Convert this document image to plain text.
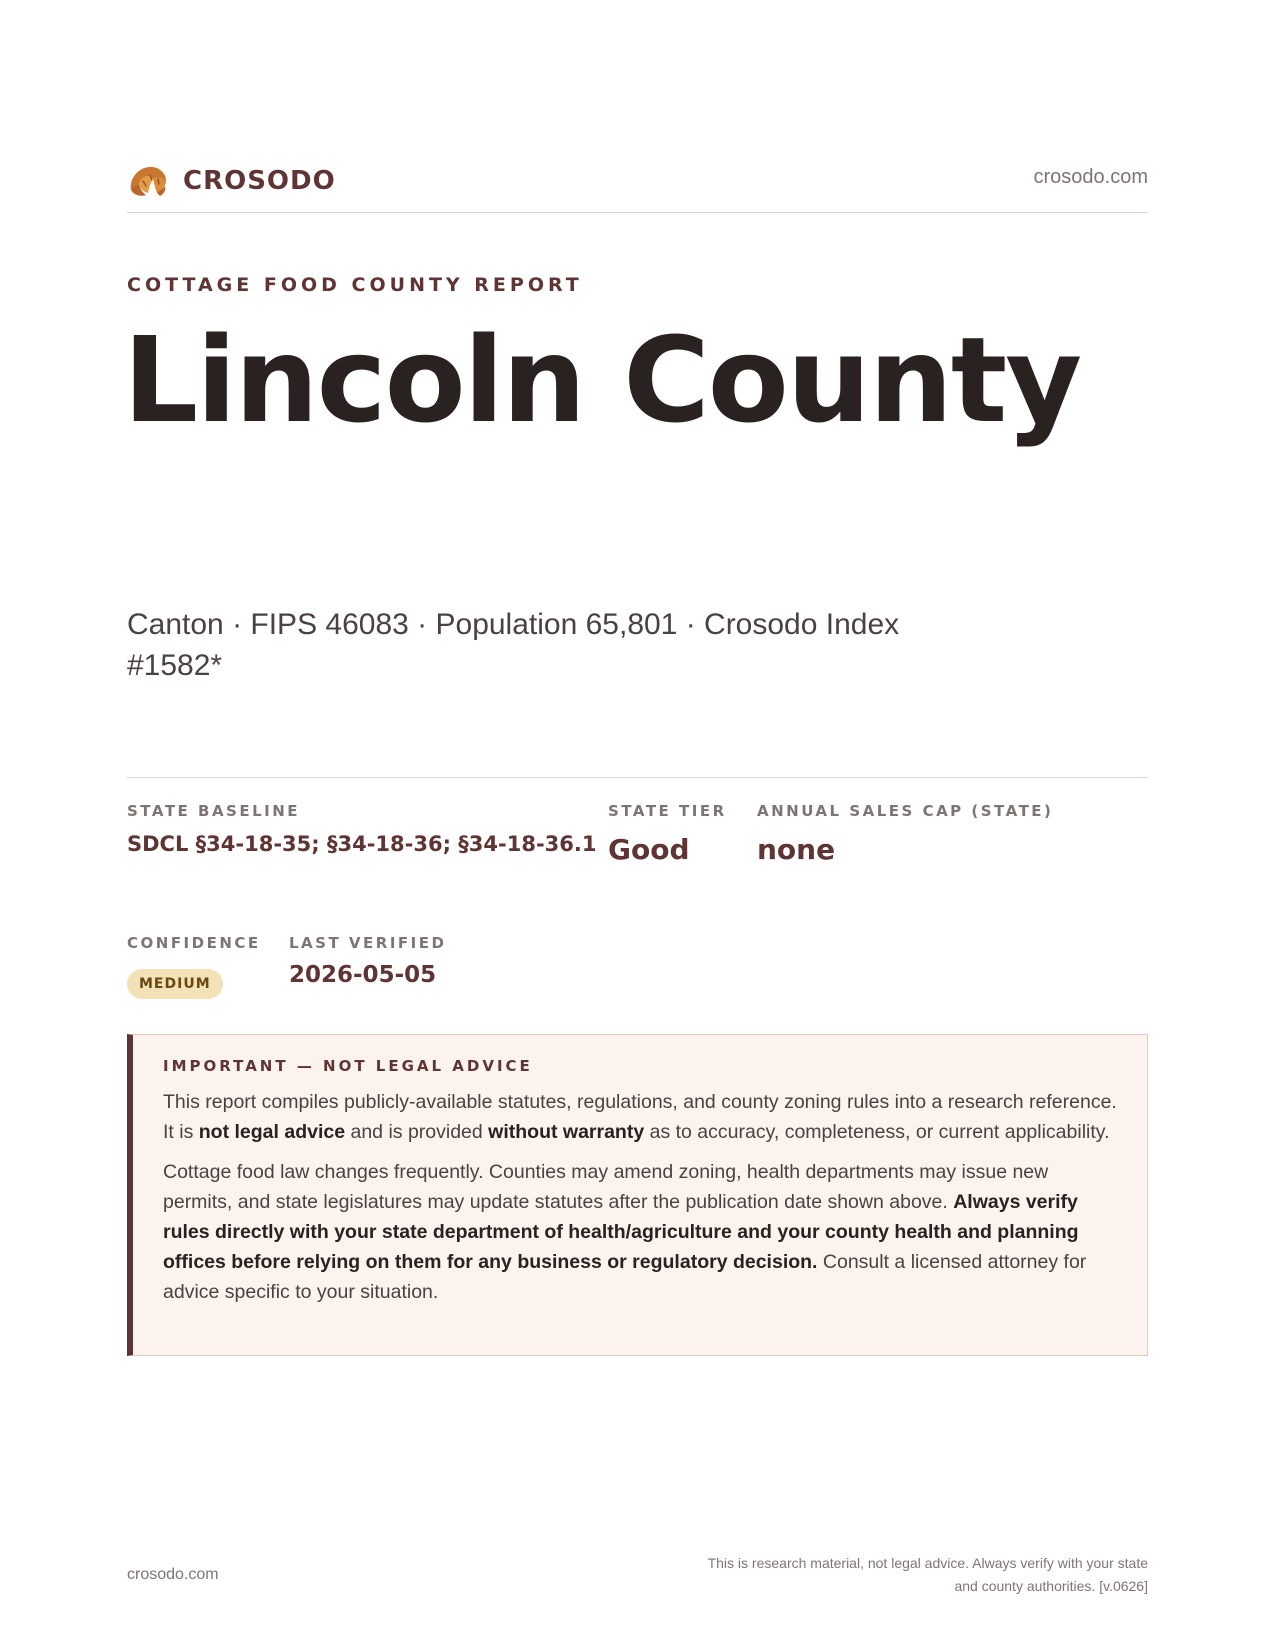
CROSODO	crosodo.com
COTTAGE FOOD COUNTY REPORT
Lincoln County
Canton · FIPS 46083 · Population 65,801 · Crosodo Index #1582*
STATE BASELINE
SDCL §34-18-35; §34-18-36; §34-18-36.1
STATE TIER
Good
ANNUAL SALES CAP (STATE)
none
CONFIDENCE
MEDIUM
LAST VERIFIED
2026-05-05
IMPORTANT — NOT LEGAL ADVICE

This report compiles publicly-available statutes, regulations, and county zoning rules into a research reference. It is not legal advice and is provided without warranty as to accuracy, completeness, or current applicability.

Cottage food law changes frequently. Counties may amend zoning, health departments may issue new permits, and state legislatures may update statutes after the publication date shown above. Always verify rules directly with your state department of health/agriculture and your county health and planning offices before relying on them for any business or regulatory decision. Consult a licensed attorney for advice specific to your situation.

crosodo.com
This is research material, not legal advice. Always verify with your state
and county authorities. [v.0626]
